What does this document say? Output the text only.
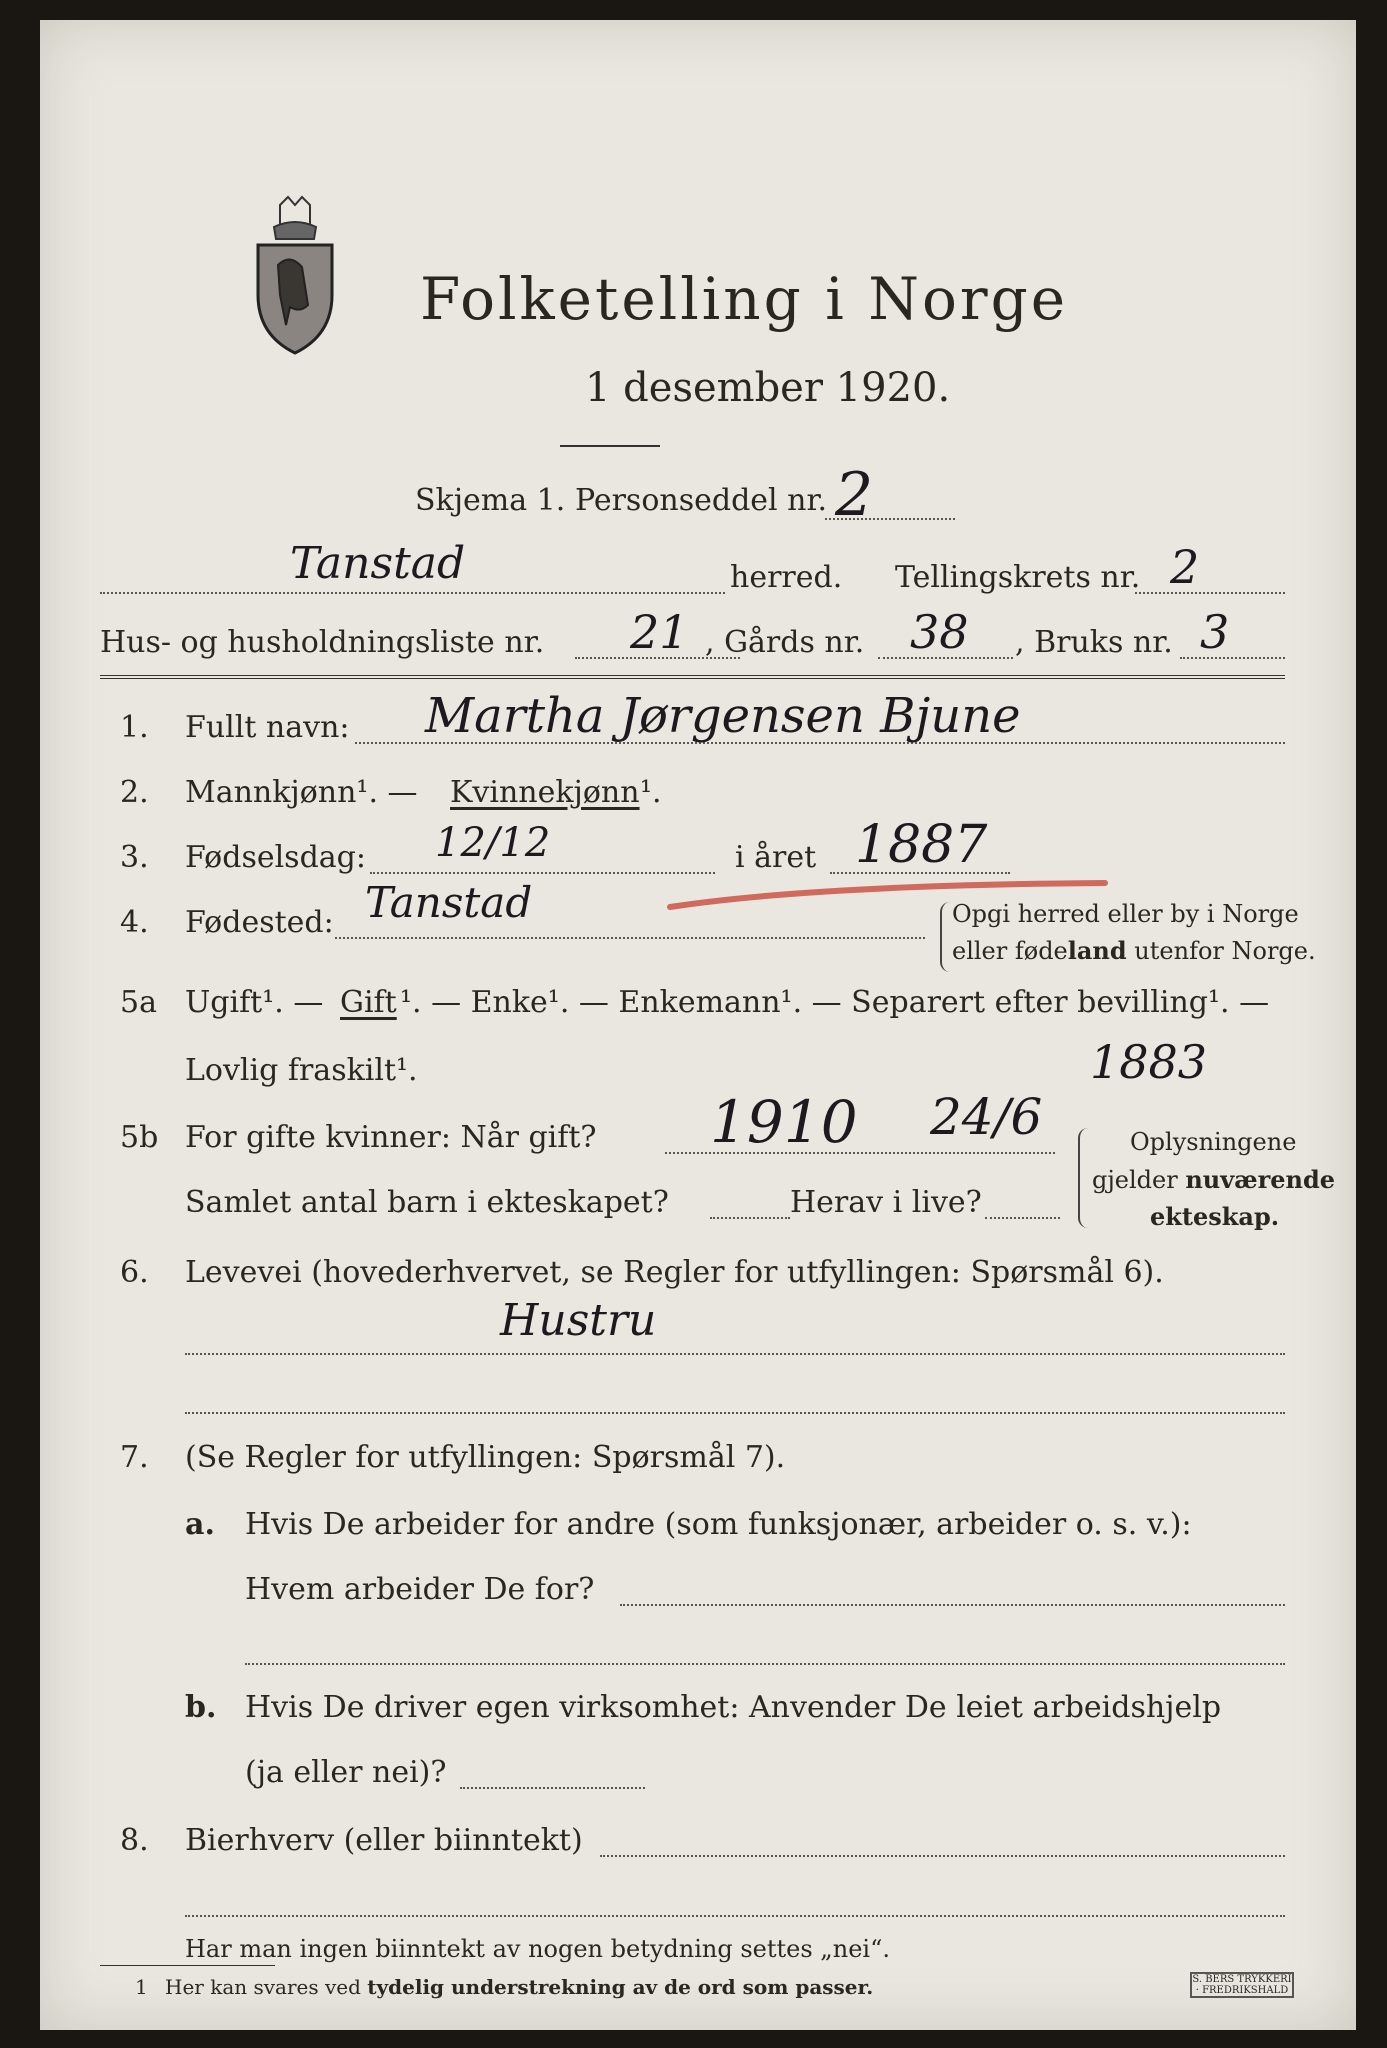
Folketelling i Norge
1 desember 1920.
Skjema 1. Personseddel nr. 2
Tanstad	herred. Tellingskrets nr. 2
Hus- og husholdningsliste nr. 21 , Gårds nr. 38 , Bruks nr. 3
1. Fullt navn: Martha Jørgensen Bjune
2. Mannkjønn¹. — Kvinnekjønn ¹.
3. Fødselsdag: 12/12	i året 1887
4. Fødested: Tanstad	Opgi herred eller by i Norge
eller fødeland utenfor Norge.
5a Ugift¹. — Gift ¹. — Enke¹. — Enkemann¹. — Separert efter bevilling¹. —
Lovlig fraskilt¹.	1883
5b For gifte kvinner: Når gift? 1910 24/6
Samlet antal barn i ekteskapet?	Herav i live?
Oplysningene
gjelder nuværende
ekteskap.
6. Levevei (hovederhvervet, se Regler for utfyllingen: Spørsmål 6).
Hustru
7. (Se Regler for utfyllingen: Spørsmål 7).
a. Hvis De arbeider for andre (som funksjonær, arbeider o. s. v.):
Hvem arbeider De for?
b. Hvis De driver egen virksomhet: Anvender De leiet arbeidshjelp
(ja eller nei)?
8. Bierhverv (eller biinntekt)
Har man ingen biinntekt av nogen betydning settes „nei“.
1 Her kan svares ved tydelig understrekning av de ord som passer.	S. BERS TRYKKERI · FREDRIKSHALD
